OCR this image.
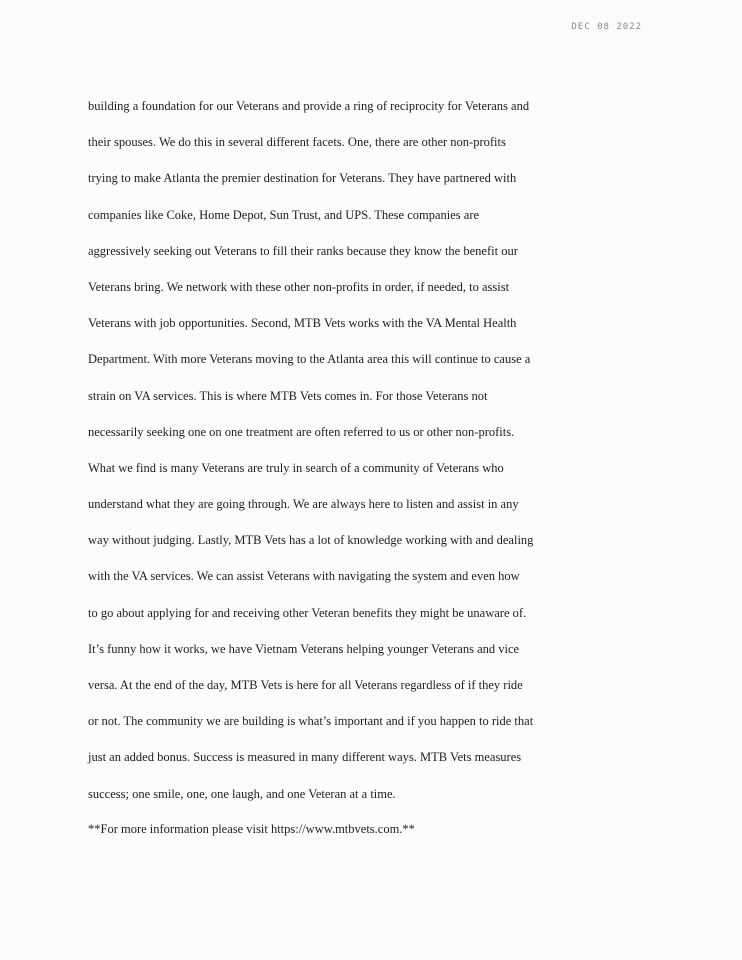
DEC 08 2022
building a foundation for our Veterans and provide a ring of reciprocity for Veterans and
their spouses. We do this in several different facets. One, there are other non-profits
trying to make Atlanta the premier destination for Veterans. They have partnered with
companies like Coke, Home Depot, Sun Trust, and UPS. These companies are
aggressively seeking out Veterans to fill their ranks because they know the benefit our
Veterans bring. We network with these other non-profits in order, if needed, to assist
Veterans with job opportunities. Second, MTB Vets works with the VA Mental Health
Department. With more Veterans moving to the Atlanta area this will continue to cause a
strain on VA services. This is where MTB Vets comes in. For those Veterans not
necessarily seeking one on one treatment are often referred to us or other non-profits.
What we find is many Veterans are truly in search of a community of Veterans who
understand what they are going through. We are always here to listen and assist in any
way without judging. Lastly, MTB Vets has a lot of knowledge working with and dealing
with the VA services. We can assist Veterans with navigating the system and even how
to go about applying for and receiving other Veteran benefits they might be unaware of.
It’s funny how it works, we have Vietnam Veterans helping younger Veterans and vice
versa. At the end of the day, MTB Vets is here for all Veterans regardless of if they ride
or not. The community we are building is what’s important and if you happen to ride that
just an added bonus. Success is measured in many different ways. MTB Vets measures
success; one smile, one, one laugh, and one Veteran at a time.
**For more information please visit https://www.mtbvets.com.**
